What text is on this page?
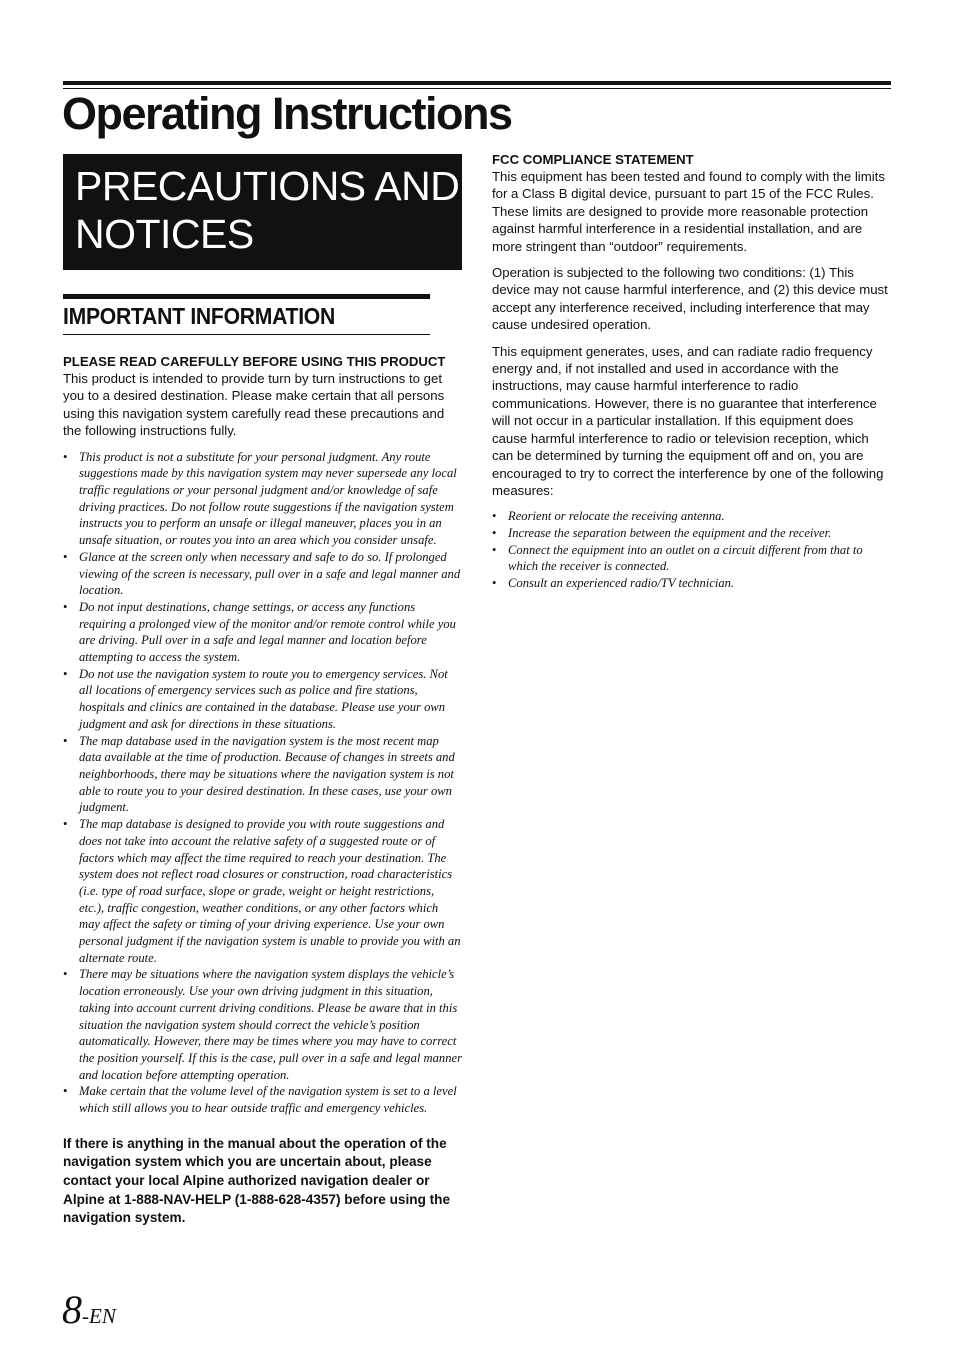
Operating Instructions
PRECAUTIONS AND NOTICES
IMPORTANT INFORMATION

PLEASE READ CAREFULLY BEFORE USING THIS PRODUCT

This product is intended to provide turn by turn instructions to get you to a desired destination. Please make certain that all persons using this navigation system carefully read these precautions and the following instructions fully.

• This product is not a substitute for your personal judgment. Any route suggestions made by this navigation system may never supersede any local traffic regulations or your personal judgment and/or knowledge of safe driving practices. Do not follow route suggestions if the navigation system instructs you to perform an unsafe or illegal maneuver, places you in an unsafe situation, or routes you into an area which you consider unsafe.
• Glance at the screen only when necessary and safe to do so. If prolonged viewing of the screen is necessary, pull over in a safe and legal manner and location.
• Do not input destinations, change settings, or access any functions requiring a prolonged view of the monitor and/or remote control while you are driving. Pull over in a safe and legal manner and location before attempting to access the system.
• Do not use the navigation system to route you to emergency services. Not all locations of emergency services such as police and fire stations, hospitals and clinics are contained in the database. Please use your own judgment and ask for directions in these situations.
• The map database used in the navigation system is the most recent map data available at the time of production. Because of changes in streets and neighborhoods, there may be situations where the navigation system is not able to route you to your desired destination. In these cases, use your own judgment.
• The map database is designed to provide you with route suggestions and does not take into account the relative safety of a suggested route or of factors which may affect the time required to reach your destination. The system does not reflect road closures or construction, road characteristics (i.e. type of road surface, slope or grade, weight or height restrictions, etc.), traffic congestion, weather conditions, or any other factors which may affect the safety or timing of your driving experience. Use your own personal judgment if the navigation system is unable to provide you with an alternate route.
• There may be situations where the navigation system displays the vehicle’s location erroneously. Use your own driving judgment in this situation, taking into account current driving conditions. Please be aware that in this situation the navigation system should correct the vehicle’s position automatically. However, there may be times where you may have to correct the position yourself. If this is the case, pull over in a safe and legal manner and location before attempting operation.
• Make certain that the volume level of the navigation system is set to a level which still allows you to hear outside traffic and emergency vehicles.

If there is anything in the manual about the operation of the navigation system which you are uncertain about, please contact your local Alpine authorized navigation dealer or Alpine at 1-888-NAV-HELP (1-888-628-4357) before using the navigation system.

FCC COMPLIANCE STATEMENT

This equipment has been tested and found to comply with the limits for a Class B digital device, pursuant to part 15 of the FCC Rules. These limits are designed to provide more reasonable protection against harmful interference in a residential installation, and are more stringent than “outdoor” requirements.

Operation is subjected to the following two conditions: (1) This device may not cause harmful interference, and (2) this device must accept any interference received, including interference that may cause undesired operation.

This equipment generates, uses, and can radiate radio frequency energy and, if not installed and used in accordance with the instructions, may cause harmful interference to radio communications. However, there is no guarantee that interference will not occur in a particular installation. If this equipment does cause harmful interference to radio or television reception, which can be determined by turning the equipment off and on, you are encouraged to try to correct the interference by one of the following measures:

• Reorient or relocate the receiving antenna.
• Increase the separation between the equipment and the receiver.
• Connect the equipment into an outlet on a circuit different from that to which the receiver is connected.
• Consult an experienced radio/TV technician.
8-EN
